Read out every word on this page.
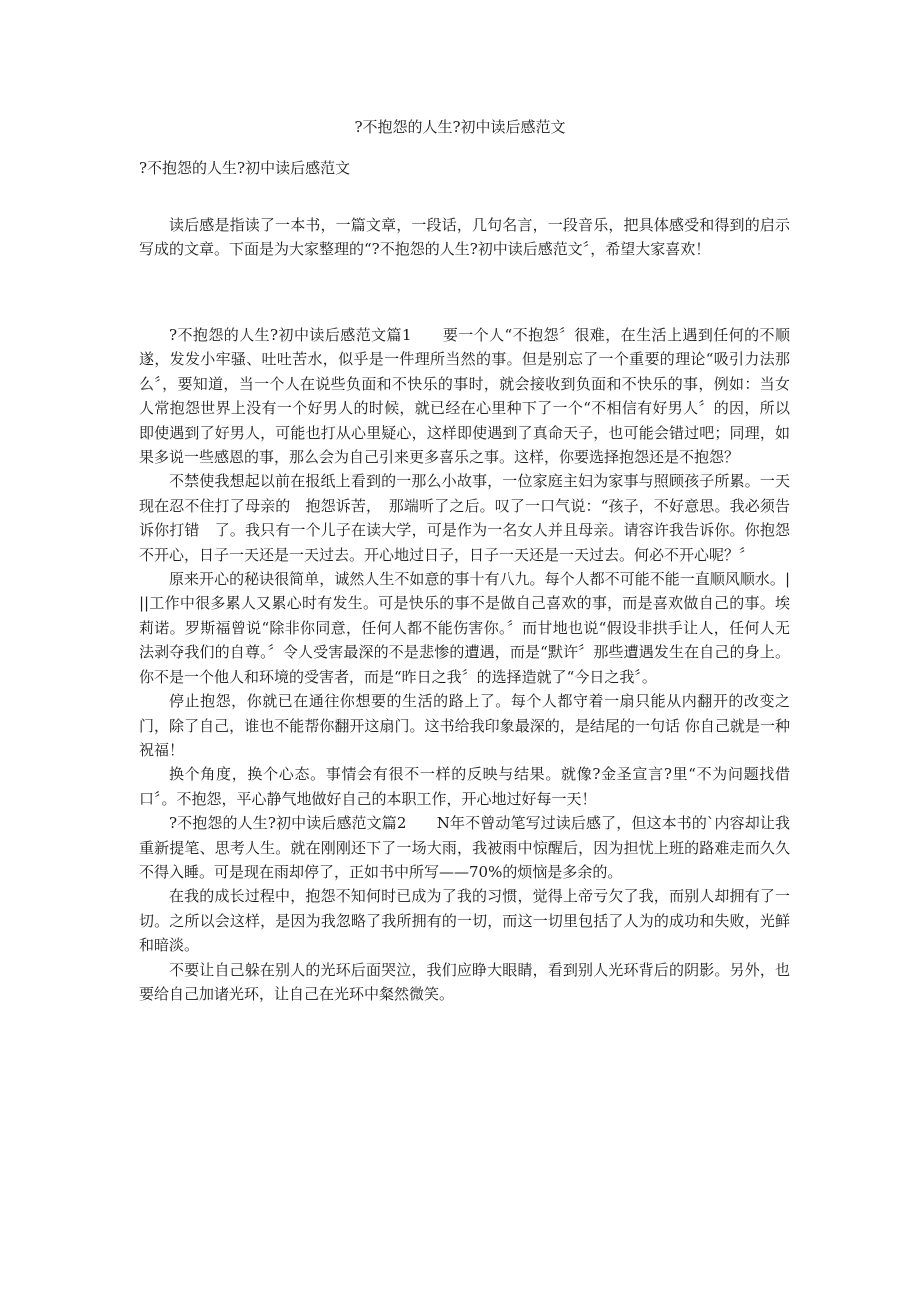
?不抱怨的人生?初中读后感范文
?不抱怨的人生?初中读后感范文

读后感是指读了一本书，一篇文章，一段话，几句名言，一段音乐，把具体感受和得到的启示写成的文章。下面是为大家整理的“?不抱怨的人生?初中读后感范文〞，希望大家喜欢！

?不抱怨的人生?初中读后感范文篇1　　要一个人“不抱怨〞很难，在生活上遇到任何的不顺遂，发发小牢骚、吐吐苦水，似乎是一件理所当然的事。但是别忘了一个重要的理论“吸引力法那么〞，要知道，当一个人在说些负面和不快乐的事时，就会接收到负面和不快乐的事，例如：当女人常抱怨世界上没有一个好男人的时候，就已经在心里种下了一个“不相信有好男人〞的因，所以即使遇到了好男人，可能也打从心里疑心，这样即使遇到了真命天子，也可能会错过吧；同理，如果多说一些感恩的事，那么会为自己引来更多喜乐之事。这样，你要选择抱怨还是不抱怨？

不禁使我想起以前在报纸上看到的一那么小故事，一位家庭主妇为家事与照顾孩子所累。一天现在忍不住打了母亲的　抱怨诉苦，　那端听了之后。叹了一口气说：“孩子，不好意思。我必须告诉你打错　了。我只有一个儿子在读大学，可是作为一名女人并且母亲。请容许我告诉你。你抱怨不开心，日子一天还是一天过去。开心地过日子，日子一天还是一天过去。何必不开心呢？〞

原来开心的秘诀很简单，诚然人生不如意的事十有八九。每个人都不可能不能一直顺风顺水。|||工作中很多累人又累心时有发生。可是快乐的事不是做自己喜欢的事，而是喜欢做自己的事。埃莉诺。罗斯福曾说“除非你同意，任何人都不能伤害你。〞而甘地也说“假设非拱手让人，任何人无法剥夺我们的自尊。〞令人受害最深的不是悲惨的遭遇，而是“默许〞那些遭遇发生在自己的身上。你不是一个他人和环境的受害者，而是“昨日之我〞的选择造就了“今日之我〞。

停止抱怨，你就已在通往你想要的生活的路上了。每个人都守着一扇只能从内翻开的改变之门，除了自己，谁也不能帮你翻开这扇门。这书给我印象最深的，是结尾的一句话 你自己就是一种祝福！

换个角度，换个心态。事情会有很不一样的反映与结果。就像?金圣宣言?里“不为问题找借口〞。不抱怨，平心静气地做好自己的本职工作，开心地过好每一天！

?不抱怨的人生?初中读后感范文篇2　　N年不曾动笔写过读后感了，但这本书的`内容却让我重新提笔、思考人生。就在刚刚还下了一场大雨，我被雨中惊醒后，因为担忧上班的路难走而久久不得入睡。可是现在雨却停了，正如书中所写——70%的烦恼是多余的。

在我的成长过程中，抱怨不知何时已成为了我的习惯，觉得上帝亏欠了我，而别人却拥有了一切。之所以会这样，是因为我忽略了我所拥有的一切，而这一切里包括了人为的成功和失败，光鲜和暗淡。

不要让自己躲在别人的光环后面哭泣，我们应睁大眼睛，看到别人光环背后的阴影。另外，也要给自己加诸光环，让自己在光环中粲然微笑。
